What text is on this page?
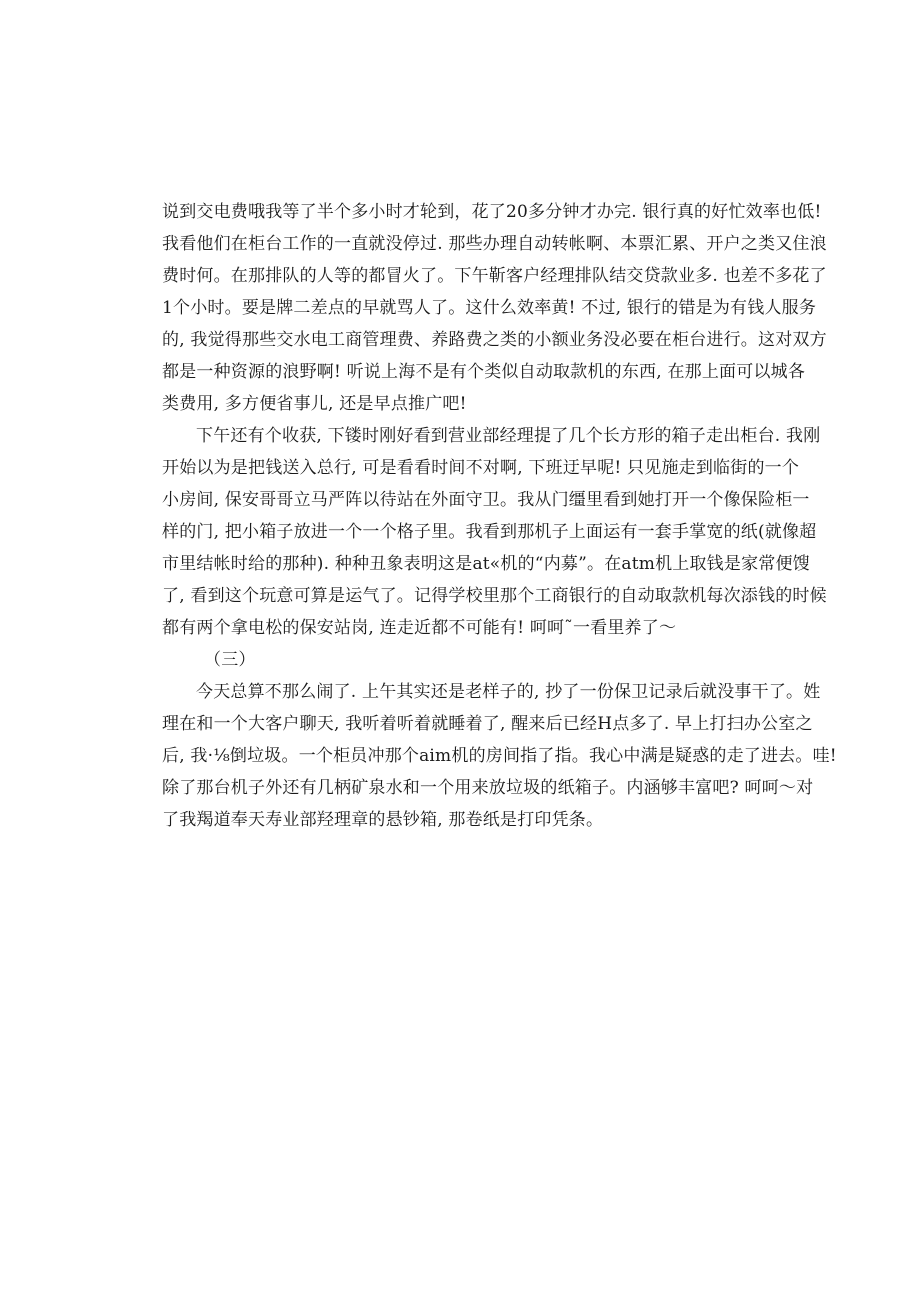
说到交电费哦我等了半个多小时才轮到，花了20多分钟才办完. 银行真的好忙效率也低!
我看他们在柜台工作的一直就没停过. 那些办理自动转帐啊、本票汇累、开户之类又住浪
费时何。在那排队的人等的都冒火了。下午靳客户经理排队结交贷款业多. 也差不多花了
1个小时。要是牌二差点的早就骂人了。这什么效率黄! 不过, 银行的错是为有钱人服务
的, 我觉得那些交水电工商管理费、养路费之类的小额业务没必要在柜台进行。这对双方
都是一种资源的浪野啊! 听说上海不是有个类似自动取款机的东西, 在那上面可以城各
类费用, 多方便省事儿, 还是早点推广吧!
下午还有个收获, 下镂时刚好看到营业部经理提了几个长方形的箱子走出柜台. 我刚
开始以为是把钱送入总行, 可是看看时间不对啊, 下班迂早呢! 只见施走到临街的一个
小房间, 保安哥哥立马严阵以待站在外面守卫。我从门缰里看到她打开一个像保险柜一
样的门, 把小箱子放进一个一个格子里。我看到那机子上面运有一套手掌宽的纸(就像超
市里结帐时给的那种). 种种丑象表明这是at«机的“内募”。在atm机上取钱是家常便馊
了, 看到这个玩意可算是运气了。记得学校里那个工商银行的自动取款机每次添钱的时候
都有两个拿电松的保安站岗, 连走近都不可能有! 呵呵˜一看里养了～
（三）
今天总算不那么闹了. 上午其实还是老样子的, 抄了一份保卫记录后就没事干了。姓
理在和一个大客户聊天, 我听着听着就睡着了, 醒来后已经H点多了. 早上打扫办公室之
后, 我·⅛倒垃圾。一个柜员冲那个aim机的房间指了指。我心中满是疑惑的走了进去。哇!
除了那台机子外还有几柄矿泉水和一个用来放垃圾的纸箱子。内涵够丰富吧? 呵呵～对
了我羯道奉天寿业部羟理章的悬钞箱, 那卷纸是打印凭条。
